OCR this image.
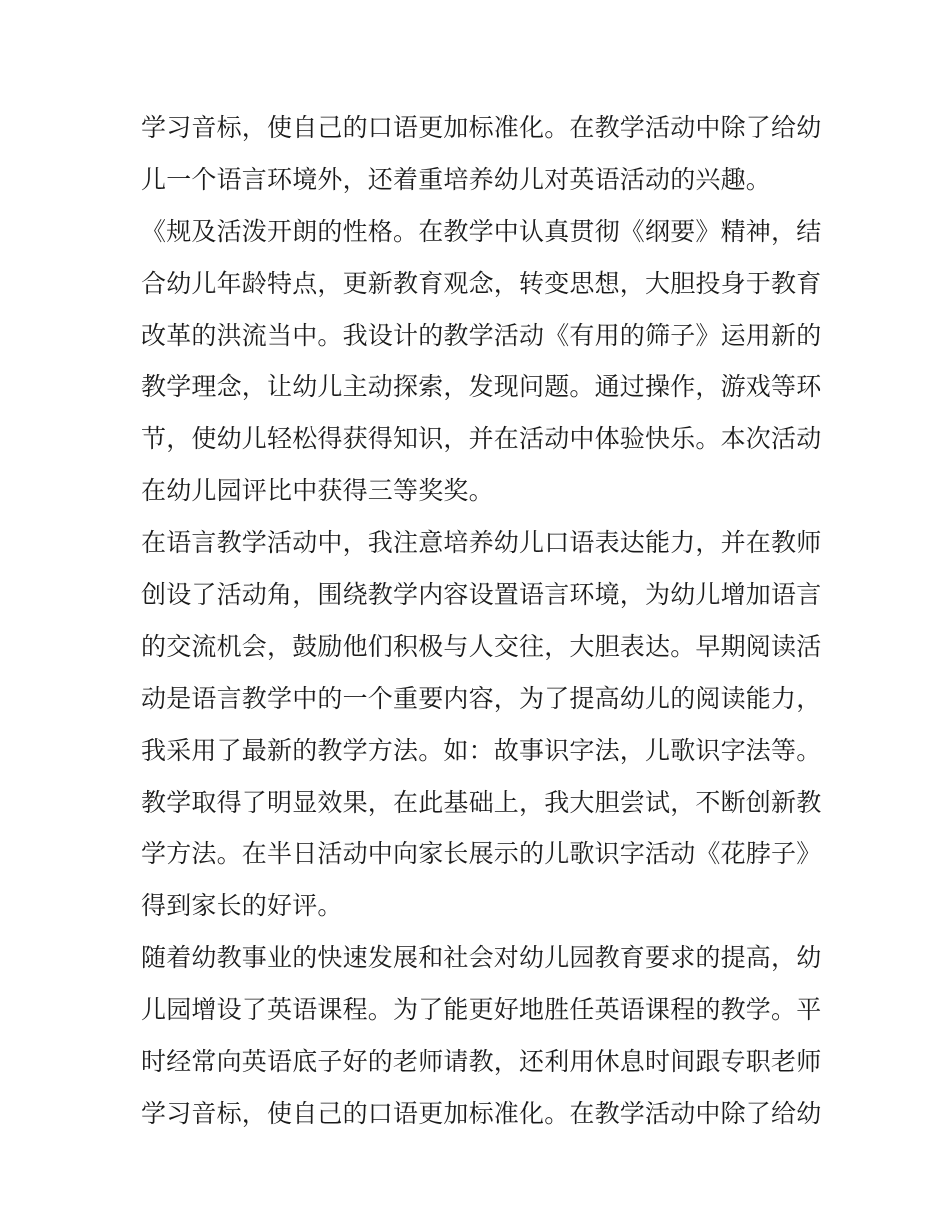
学习音标，使自己的口语更加标准化。在教学活动中除了给幼
儿一个语言环境外，还着重培养幼儿对英语活动的兴趣。
《规及活泼开朗的性格。在教学中认真贯彻《纲要》精神，结
合幼儿年龄特点，更新教育观念，转变思想，大胆投身于教育
改革的洪流当中。我设计的教学活动《有用的筛子》运用新的
教学理念，让幼儿主动探索，发现问题。通过操作，游戏等环
节，使幼儿轻松得获得知识，并在活动中体验快乐。本次活动
在幼儿园评比中获得三等奖奖。
在语言教学活动中，我注意培养幼儿口语表达能力，并在教师
创设了活动角，围绕教学内容设置语言环境，为幼儿增加语言
的交流机会，鼓励他们积极与人交往，大胆表达。早期阅读活
动是语言教学中的一个重要内容，为了提高幼儿的阅读能力，
我采用了最新的教学方法。如：故事识字法，儿歌识字法等。
教学取得了明显效果，在此基础上，我大胆尝试，不断创新教
学方法。在半日活动中向家长展示的儿歌识字活动《花脖子》
得到家长的好评。
随着幼教事业的快速发展和社会对幼儿园教育要求的提高，幼
儿园增设了英语课程。为了能更好地胜任英语课程的教学。平
时经常向英语底子好的老师请教，还利用休息时间跟专职老师
学习音标，使自己的口语更加标准化。在教学活动中除了给幼
